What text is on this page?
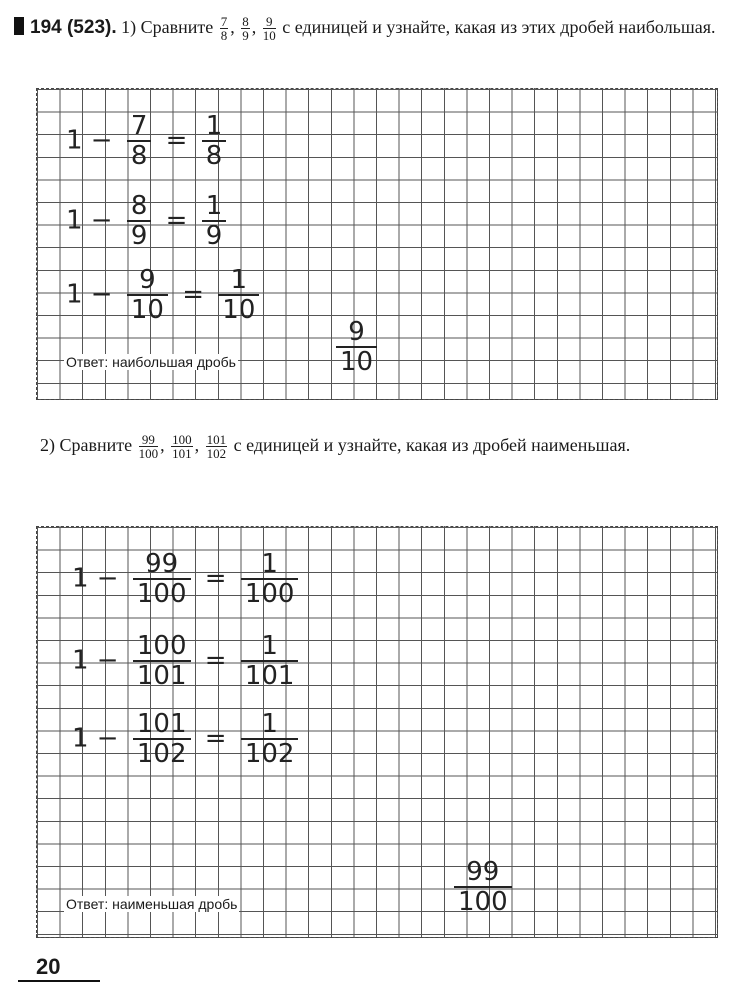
194 (523). 1) Сравните $\frac{7}{8}$ , $\frac{8}{9}$ , $\frac{9}{10}$ с единицей и узнайте, какая из этих дробей наибольшая.
$1 - \frac{7}{8} = \frac{1}{8}$
$1 - \frac{8}{9} = \frac{1}{9}$
$1 - \frac{9}{10} = \frac{1}{10}$
Ответ: наибольшая дробь	$\frac{9}{10}$
2) Сравните $\frac{99}{100}$ , $\frac{100}{101}$ , $\frac{101}{102}$ с единицей и узнайте, какая из дробей наименьшая.
$1 - \frac{99}{100} = \frac{1}{100}$
$1 - \frac{100}{101} = \frac{1}{101}$
$1 - \frac{101}{102} = \frac{1}{102}$
Ответ: наименьшая дробь	$\frac{99}{100}$
20
